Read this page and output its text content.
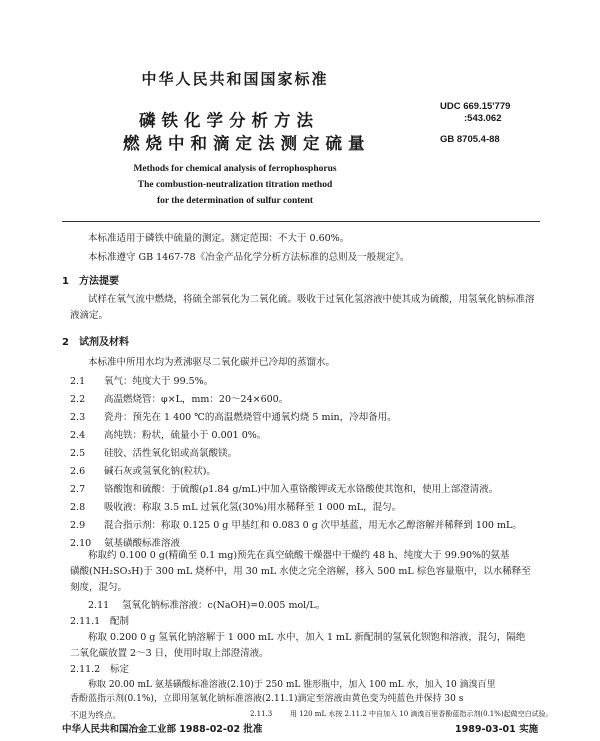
中华人民共和国国家标准
磷铁化学分析方法
燃烧中和滴定法测定硫量
UDC 669.15'779
:543.062
GB 8705.4-88
Methods for chemical analysis of ferrophosphorus
The combustion-neutralization titration method
for the determination of sulfur content
本标准适用于磷铁中硫量的测定。测定范围：不大于 0.60%。
本标准遵守 GB 1467-78《冶金产品化学分析方法标准的总则及一般规定》。
1　方法提要
试样在氧气流中燃烧，将硫全部氧化为二氧化硫。吸收于过氧化氢溶液中使其成为硫酸，用氢氧化钠标准溶液滴定。
2　试剂及材料
本标准中所用水均为煮沸驱尽二氧化碳并已冷却的蒸馏水。
2.1 氧气：纯度大于 99.5%。
2.2 高温燃烧管：φ×L，mm：20～24×600。
2.3 瓷舟：预先在 1 400 ℃的高温燃烧管中通氧灼烧 5 min，冷却备用。
2.4 高纯铁：粉状，硫量小于 0.001 0%。
2.5 硅胶、活性氧化铝或高氯酸镁。
2.6 碱石灰或氢氧化钠(粒状)。
2.7 铬酸饱和硫酸：于硫酸(ρ1.84 g/mL)中加入重铬酸钾或无水铬酸使其饱和，使用上部澄清液。
2.8 吸收液：称取 3.5 mL 过氧化氢(30%)用水稀释至 1 000 mL，混匀。
2.9 混合指示剂：称取 0.125 0 g 甲基红和 0.083 0 g 次甲基蓝，用无水乙醇溶解并稀释到 100 mL。
2.10 氨基磺酸标准溶液
称取约 0.100 0 g(精确至 0.1 mg)预先在真空硫酸干燥器中干燥约 48 h、纯度大于 99.90%的氨基
磺酸(NH₂SO₃H)于 300 mL 烧杯中，用 30 mL 水使之完全溶解，移入 500 mL 棕色容量瓶中，以水稀释至
刻度，混匀。
2.11 氢氧化钠标准溶液：c(NaOH)=0.005 mol/L。
2.11.1 配制
称取 0.200 0 g 氢氧化钠溶解于 1 000 mL 水中，加入 1 mL 新配制的氢氧化钡饱和溶液，混匀，隔绝
二氧化碳放置 2～3 日，使用时取上部澄清液。
2.11.2 标定
称取 20.00 mL 氨基磺酸标准溶液(2.10)于 250 mL 锥形瓶中，加入 100 mL 水，加入 10 滴溴百里
香酚蓝指示剂(0.1%)，立即用氢氧化钠标准溶液(2.11.1)滴定至溶液由黄色变为纯蓝色并保持 30 s
不退为终点。	2.11.3	用 120 mL 水按 2.11.2 中自加入 10 滴溴百里香酚蓝指示剂(0.1%)起做空白试验。
中华人民共和国冶金工业部 1988-02-02 批准	1989-03-01 实施
